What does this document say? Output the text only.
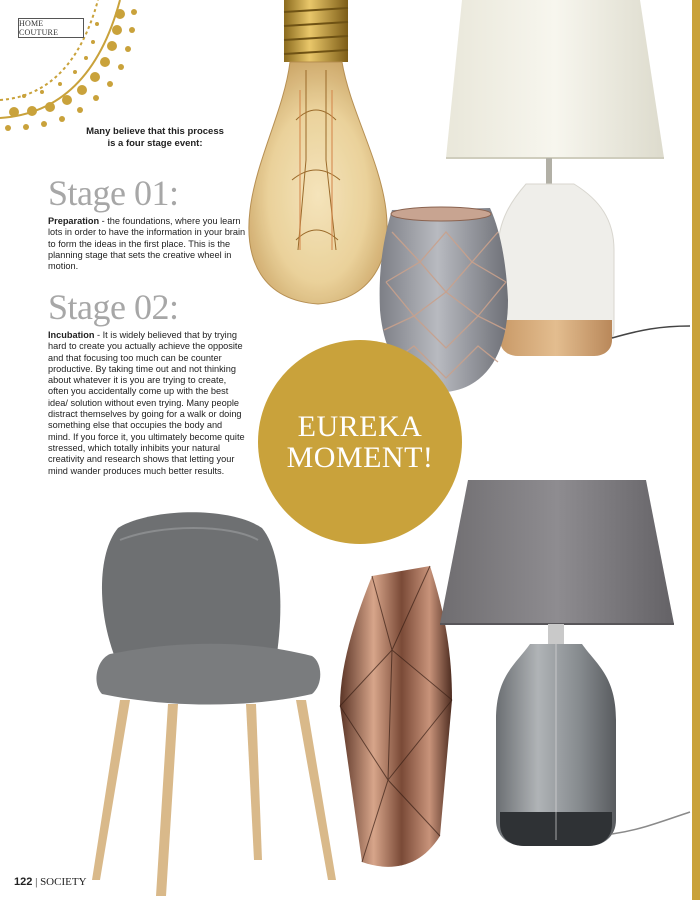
HOME COUTURE
Many believe that this process
is a four stage event:
Stage 01:
Preparation - the foundations, where you learn lots in order to have the information in your brain to form the ideas in the first place. This is the planning stage that sets the creative wheel in motion.
Stage 02:
Incubation - It is widely believed that by trying hard to create you actually achieve the opposite and that focusing too much can be counter productive. By taking time out and not thinking about whatever it is you are trying to create, often you accidentally come up with the best idea/ solution without even trying. Many people distract themselves by going for a walk or doing something else that occupies the body and mind. If you force it, you ultimately become quite stressed, which totally inhibits your natural creativity and research shows that letting your mind wander produces much better results.
EUREKA
MOMENT!
122 | SOCIETY
